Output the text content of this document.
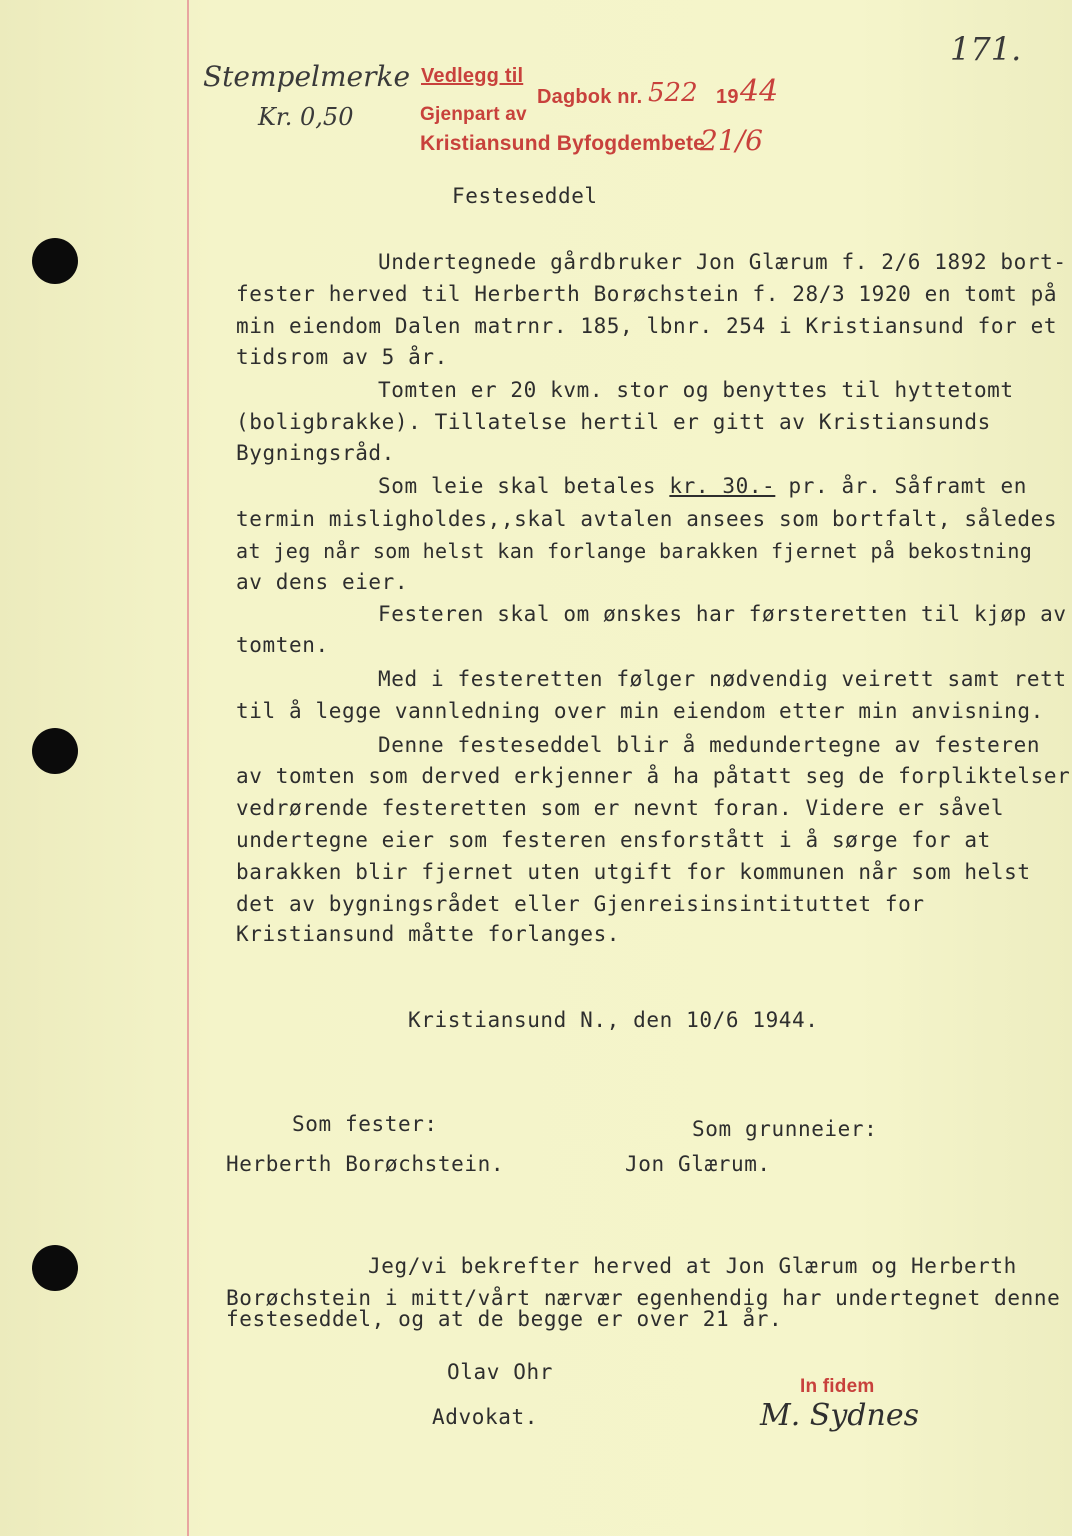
171.
Stempelmerke
Kr. 0,50
Vedlegg til
Dagbok nr. 522 19 44
Gjenpart av
Kristiansund Byfogdembete
21/6
Festeseddel
Undertegnede gårdbruker Jon Glærum f. 2/6 1892 bort-
fester herved til Herberth Borøchstein f. 28/3 1920 en tomt på
min eiendom Dalen matrnr. 185, lbnr. 254 i Kristiansund for et
tidsrom av 5 år.
Tomten er 20 kvm. stor og benyttes til hyttetomt
(boligbrakke). Tillatelse hertil er gitt av Kristiansunds
Bygningsråd.
Som leie skal betales kr. 30.- pr. år. Såframt en
termin misligholdes,,skal avtalen ansees som bortfalt, således
at jeg når som helst kan forlange barakken fjernet på bekostning
av dens eier.
Festeren skal om ønskes har førsteretten til kjøp av
tomten.
Med i festeretten følger nødvendig veirett samt rett
til å legge vannledning over min eiendom etter min anvisning.
Denne festeseddel blir å medundertegne av festeren
av tomten som derved erkjenner å ha påtatt seg de forpliktelser
vedrørende festeretten som er nevnt foran. Videre er såvel
undertegne eier som festeren ensforstått i å sørge for at
barakken blir fjernet uten utgift for kommunen når som helst
det av bygningsrådet eller Gjenreisinsintituttet for
Kristiansund måtte forlanges.
Kristiansund N., den 10/6 1944.
Som fester:	Som grunneier:
Herberth Borøchstein.	Jon Glærum.
Jeg/vi bekrefter herved at Jon Glærum og Herberth
Borøchstein i mitt/vårt nærvær egenhendig har undertegnet denne
festeseddel, og at de begge er over 21 år.
Olav Ohr
Advokat.
In fidem
M. Sydnes
